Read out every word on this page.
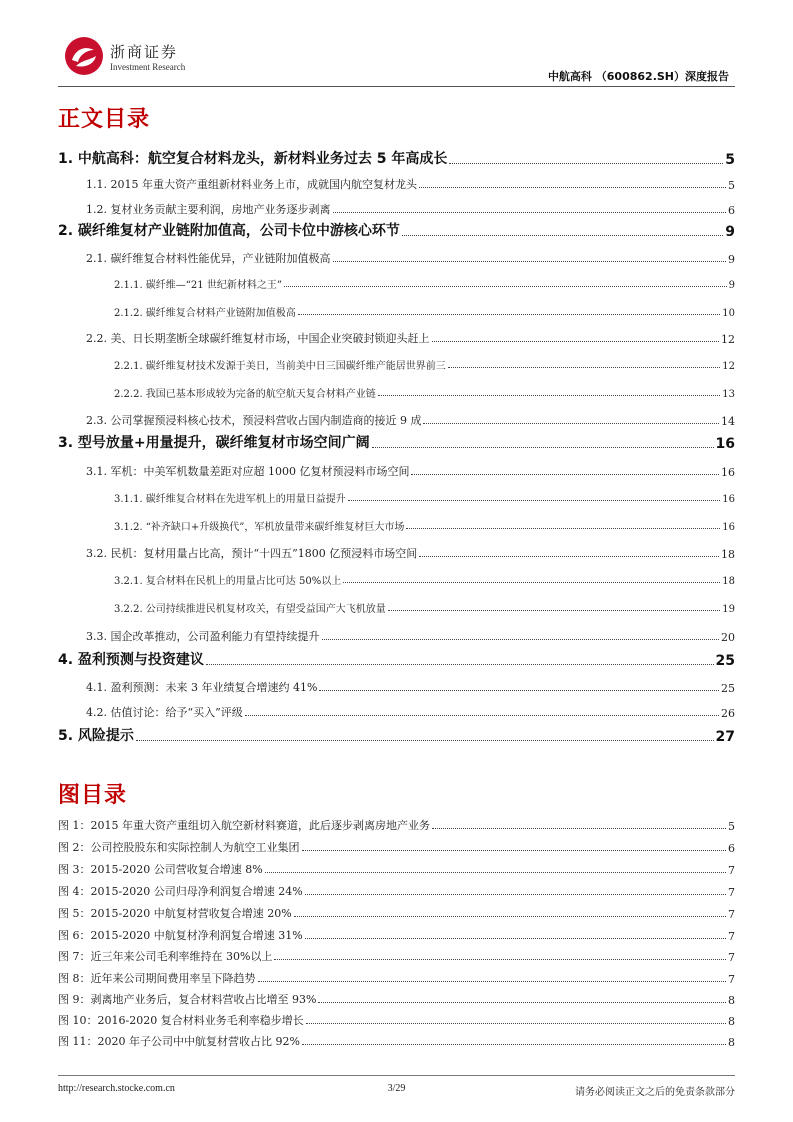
浙商证券
Investment Research
中航高科 （600862.SH）深度报告
正文目录
1. 中航高科：航空复合材料龙头，新材料业务过去 5 年高成长	5
1.1. 2015 年重大资产重组新材料业务上市，成就国内航空复材龙头	5
1.2. 复材业务贡献主要利润，房地产业务逐步剥离	6
2. 碳纤维复材产业链附加值高，公司卡位中游核心环节	9
2.1. 碳纤维复合材料性能优异，产业链附加值极高	9
2.1.1. 碳纤维—“21 世纪新材料之王”	9
2.1.2. 碳纤维复合材料产业链附加值极高	10
2.2. 美、日长期垄断全球碳纤维复材市场，中国企业突破封锁迎头赶上	12
2.2.1. 碳纤维复材技术发源于美日，当前美中日三国碳纤维产能居世界前三	12
2.2.2. 我国已基本形成较为完备的航空航天复合材料产业链	13
2.3. 公司掌握预浸料核心技术，预浸料营收占国内制造商的接近 9 成	14
3. 型号放量+用量提升，碳纤维复材市场空间广阔	16
3.1. 军机：中美军机数量差距对应超 1000 亿复材预浸料市场空间	16
3.1.1. 碳纤维复合材料在先进军机上的用量日益提升	16
3.1.2. “补齐缺口+升级换代”，军机放量带来碳纤维复材巨大市场	16
3.2. 民机：复材用量占比高，预计“十四五”1800 亿预浸料市场空间	18
3.2.1. 复合材料在民机上的用量占比可达 50%以上	18
3.2.2. 公司持续推进民机复材攻关，有望受益国产大飞机放量	19
3.3. 国企改革推动，公司盈利能力有望持续提升	20
4. 盈利预测与投资建议	25
4.1. 盈利预测：未来 3 年业绩复合增速约 41%	25
4.2. 估值讨论：给予“买入”评级	26
5. 风险提示	27
图目录
图 1：2015 年重大资产重组切入航空新材料赛道，此后逐步剥离房地产业务	5
图 2：公司控股股东和实际控制人为航空工业集团	6
图 3：2015-2020 公司营收复合增速 8%	7
图 4：2015-2020 公司归母净利润复合增速 24%	7
图 5：2015-2020 中航复材营收复合增速 20%	7
图 6：2015-2020 中航复材净利润复合增速 31%	7
图 7：近三年来公司毛利率维持在 30%以上	7
图 8：近年来公司期间费用率呈下降趋势	7
图 9：剥离地产业务后，复合材料营收占比增至 93%	8
图 10：2016-2020 复合材料业务毛利率稳步增长	8
图 11：2020 年子公司中中航复材营收占比 92%	8
http://research.stocke.com.cn	3/29	请务必阅读正文之后的免责条款部分
